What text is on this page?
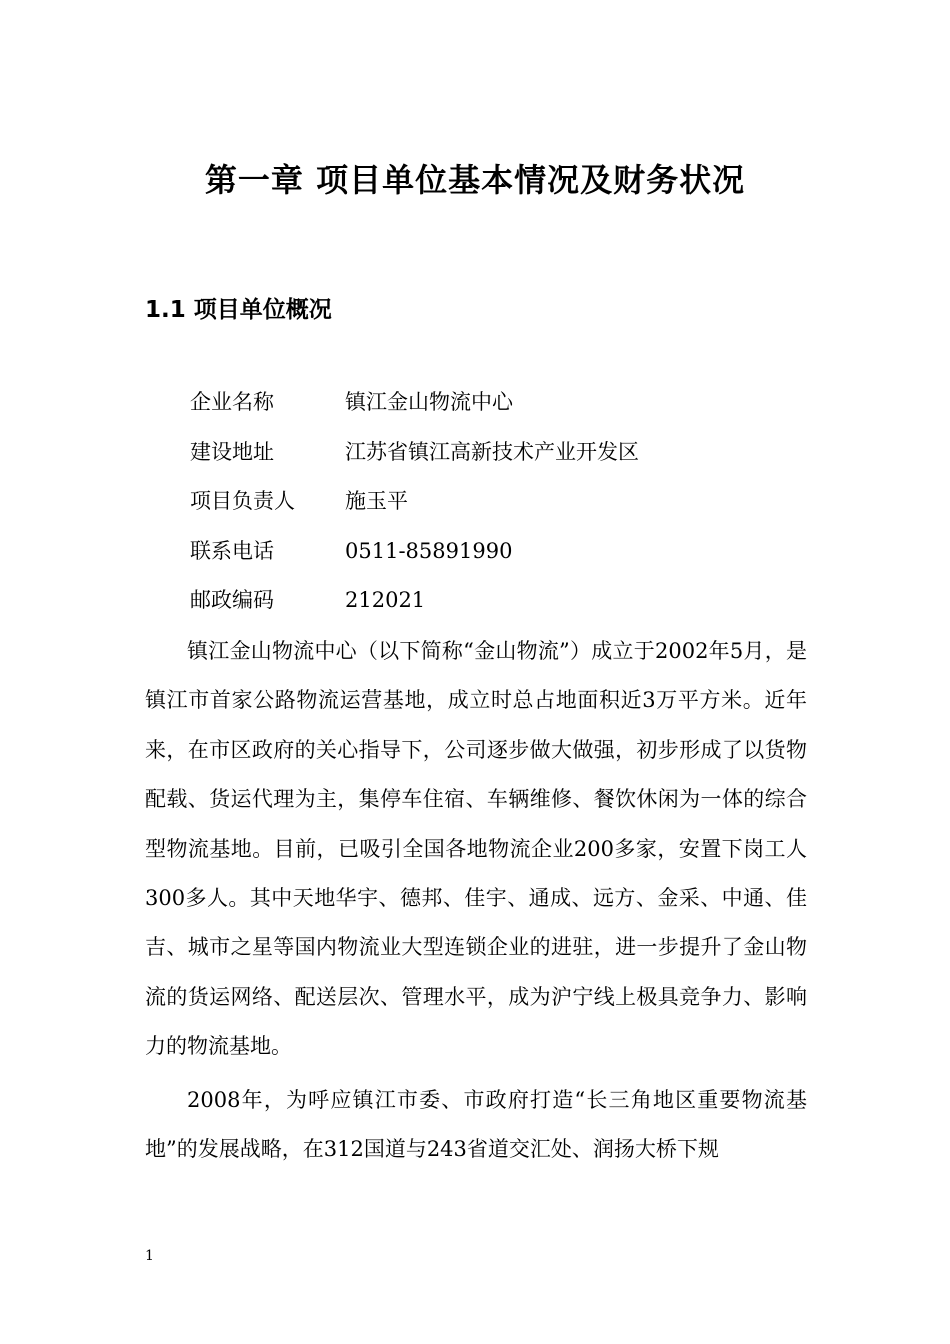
第一章 项目单位基本情况及财务状况
1.1 项目单位概况
企业名称	镇江金山物流中心
建设地址	江苏省镇江高新技术产业开发区
项目负责人 施玉平
联系电话	0511-85891990
邮政编码	212021

镇江金山物流中心（以下简称“金山物流”）成立于2002年5月，是镇江市首家公路物流运营基地，成立时总占地面积近3万平方米。近年来，在市区政府的关心指导下，公司逐步做大做强，初步形成了以货物配载、货运代理为主，集停车住宿、车辆维修、餐饮休闲为一体的综合型物流基地。目前，已吸引全国各地物流企业200多家，安置下岗工人300多人。其中天地华宇、德邦、佳宇、通成、远方、金采、中通、佳吉、城市之星等国内物流业大型连锁企业的进驻，进一步提升了金山物流的货运网络、配送层次、管理水平，成为沪宁线上极具竞争力、影响力的物流基地。

2008年，为呼应镇江市委、市政府打造“长三角地区重要物流基地”的发展战略，在312国道与243省道交汇处、润扬大桥下规

1
